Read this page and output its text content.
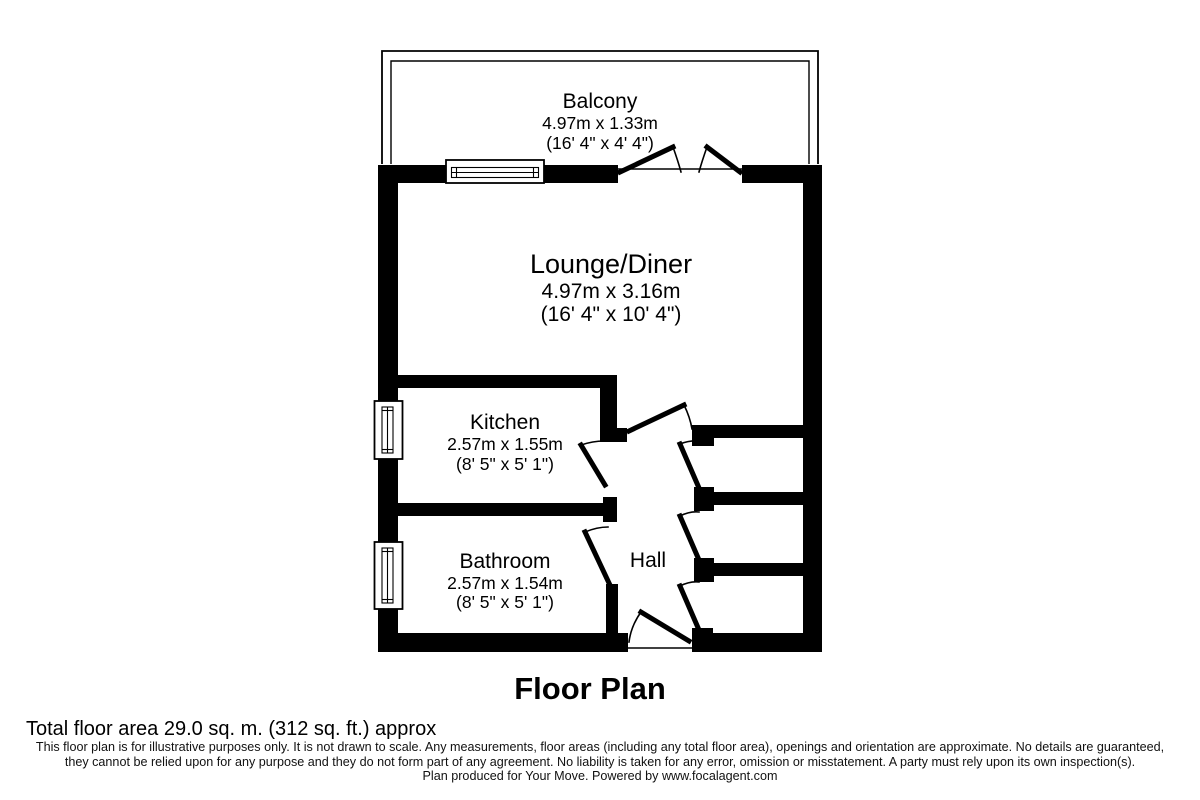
Balcony
4.97m x 1.33m
(16' 4" x 4' 4")
Lounge/Diner
4.97m x 3.16m
(16' 4" x 10' 4")
Kitchen
2.57m x 1.55m
(8' 5" x 5' 1")
Bathroom
2.57m x 1.54m
(8' 5" x 5' 1")
Hall
Floor Plan
Total floor area 29.0 sq. m. (312 sq. ft.) approx
This floor plan is for illustrative purposes only. It is not drawn to scale. Any measurements, floor areas (including any total floor area), openings and orientation are approximate. No details are guaranteed,
they cannot be relied upon for any purpose and they do not form part of any agreement. No liability is taken for any error, omission or misstatement. A party must rely upon its own inspection(s).
Plan produced for Your Move. Powered by www.focalagent.com
